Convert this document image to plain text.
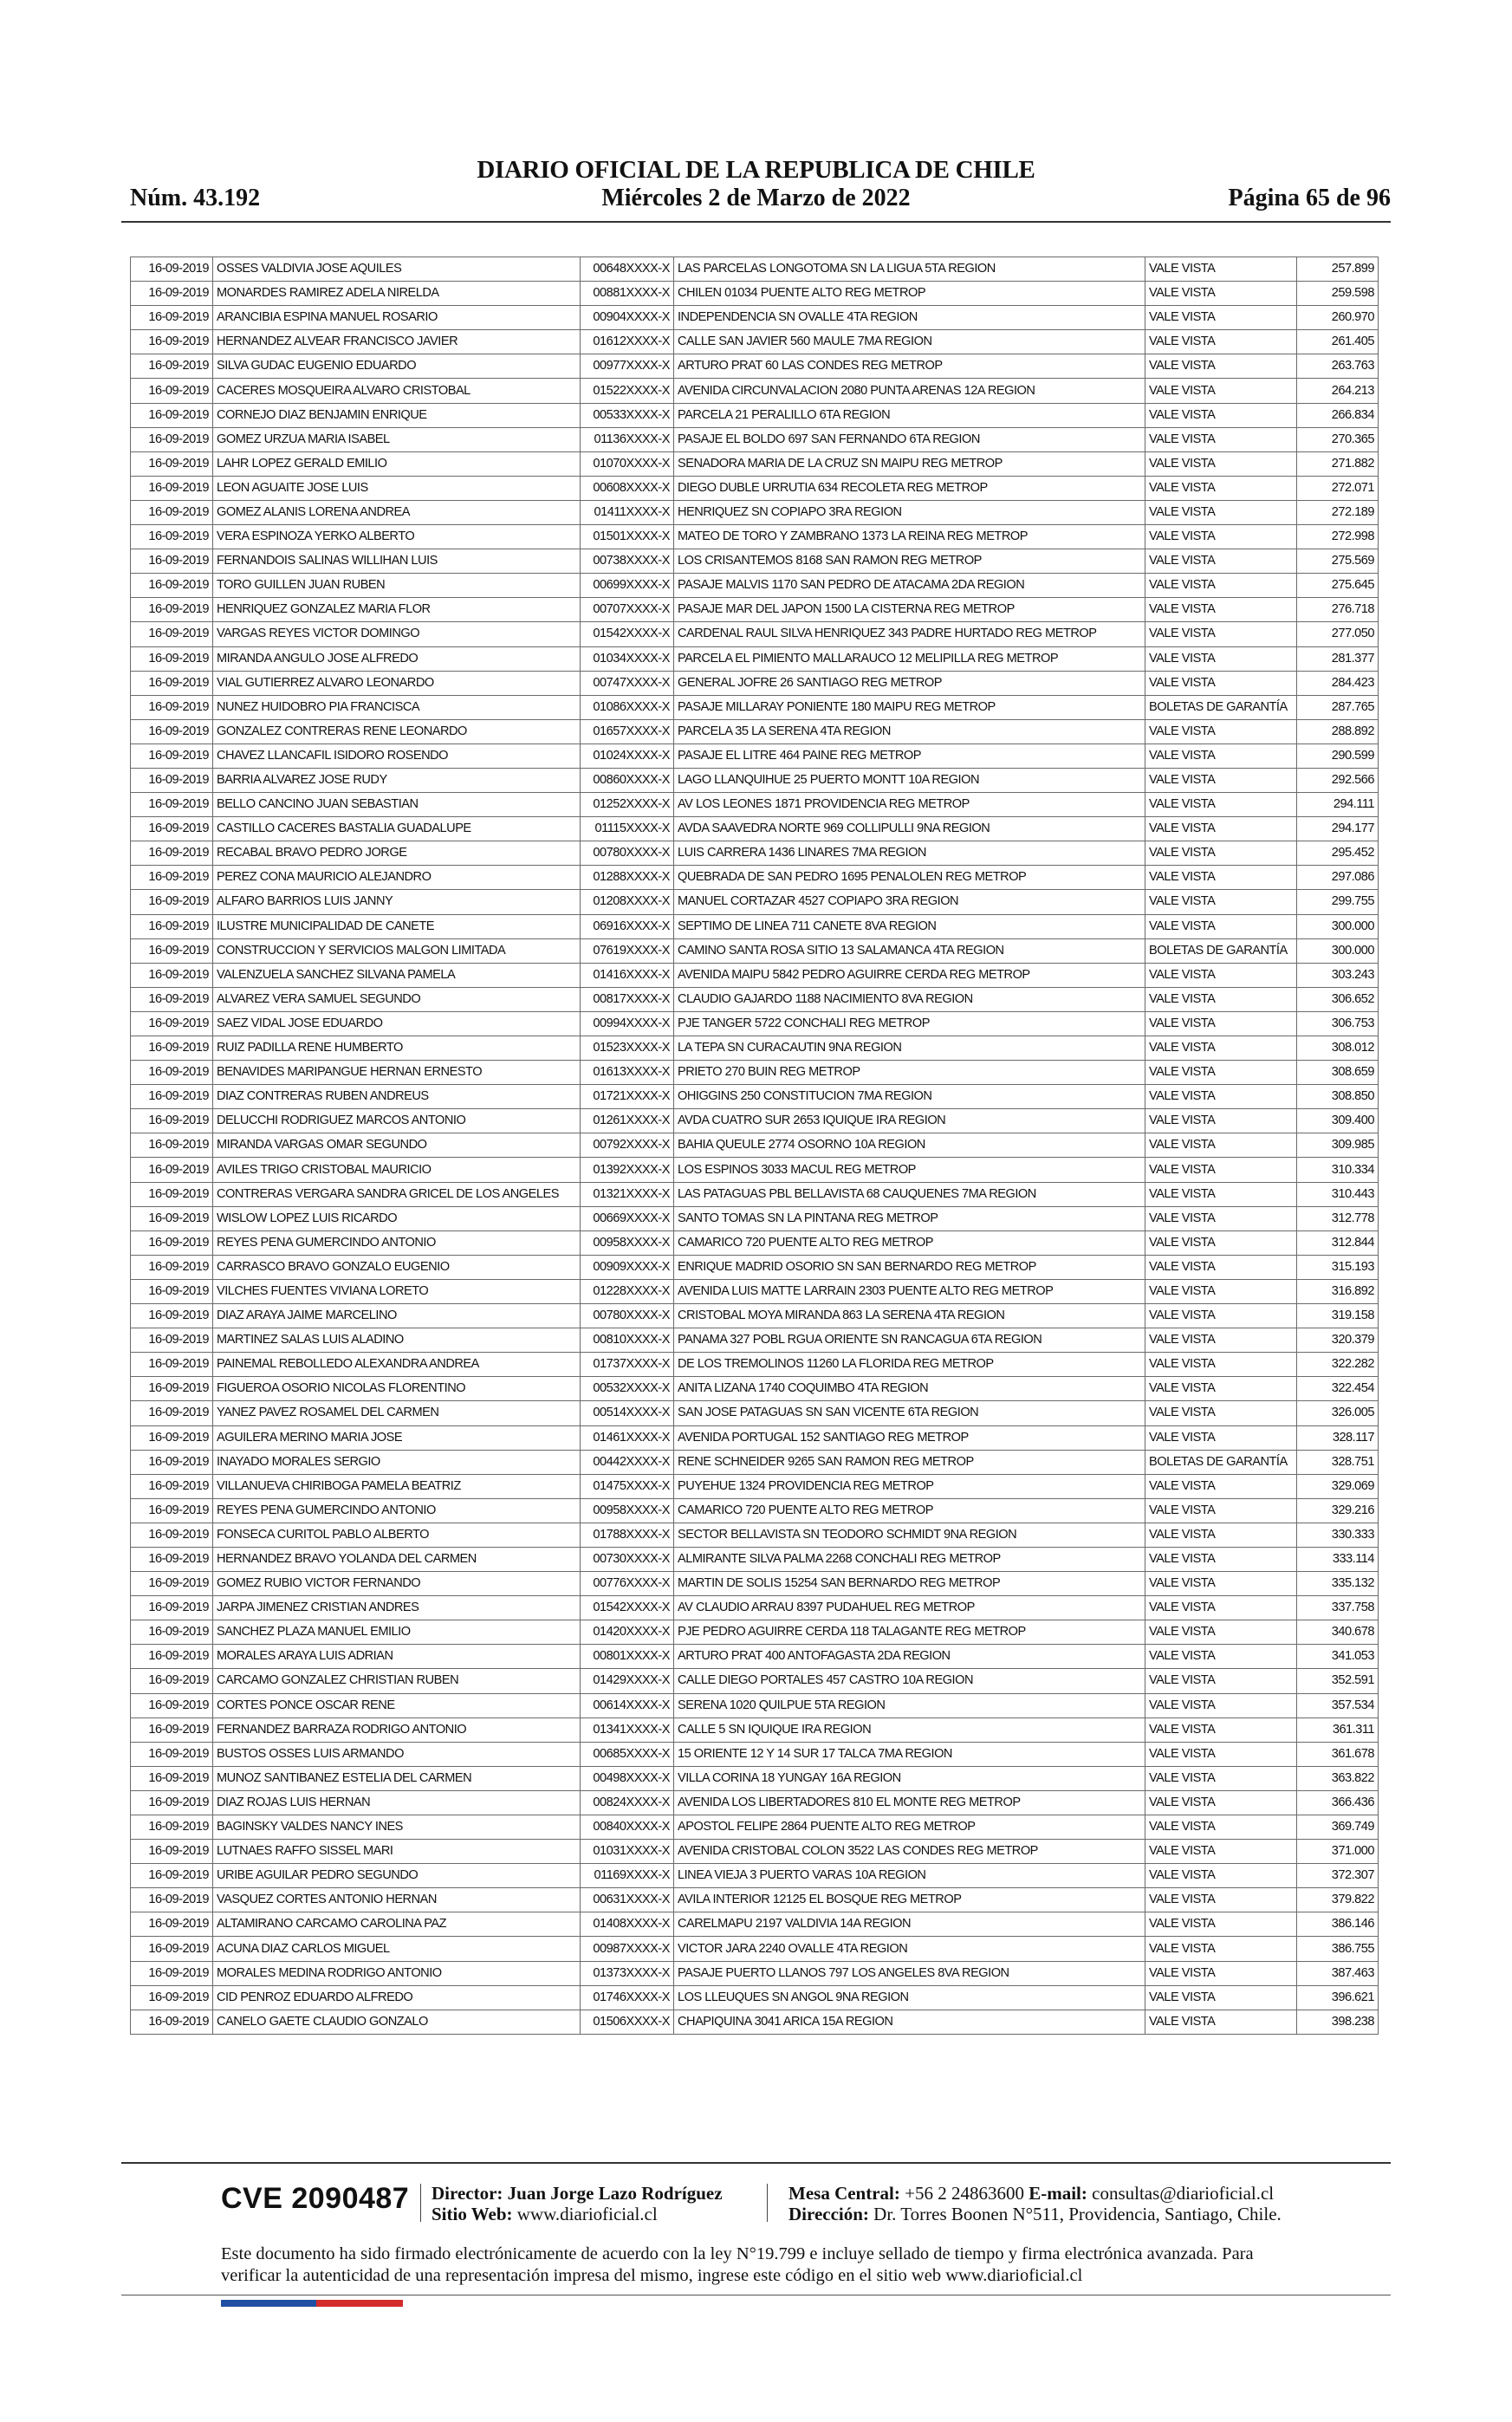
DIARIO OFICIAL DE LA REPUBLICA DE CHILE
Núm. 43.192	Miércoles 2 de Marzo de 2022	Página 65 de 96
16-09-2019	OSSES VALDIVIA JOSE AQUILES	00648XXXX-X	LAS PARCELAS LONGOTOMA SN LA LIGUA 5TA REGION	VALE VISTA	257.899
16-09-2019	MONARDES RAMIREZ ADELA NIRELDA	00881XXXX-X	CHILEN 01034 PUENTE ALTO REG METROP	VALE VISTA	259.598
16-09-2019	ARANCIBIA ESPINA MANUEL ROSARIO	00904XXXX-X	INDEPENDENCIA SN OVALLE 4TA REGION	VALE VISTA	260.970
16-09-2019	HERNANDEZ ALVEAR FRANCISCO JAVIER	01612XXXX-X	CALLE SAN JAVIER 560 MAULE 7MA REGION	VALE VISTA	261.405
16-09-2019	SILVA GUDAC EUGENIO EDUARDO	00977XXXX-X	ARTURO PRAT 60 LAS CONDES REG METROP	VALE VISTA	263.763
16-09-2019	CACERES MOSQUEIRA ALVARO CRISTOBAL	01522XXXX-X	AVENIDA CIRCUNVALACION 2080 PUNTA ARENAS 12A REGION	VALE VISTA	264.213
16-09-2019	CORNEJO DIAZ BENJAMIN ENRIQUE	00533XXXX-X	PARCELA 21 PERALILLO 6TA REGION	VALE VISTA	266.834
16-09-2019	GOMEZ URZUA MARIA ISABEL	01136XXXX-X	PASAJE EL BOLDO 697 SAN FERNANDO 6TA REGION	VALE VISTA	270.365
16-09-2019	LAHR LOPEZ GERALD EMILIO	01070XXXX-X	SENADORA MARIA DE LA CRUZ SN MAIPU REG METROP	VALE VISTA	271.882
16-09-2019	LEON AGUAITE JOSE LUIS	00608XXXX-X	DIEGO DUBLE URRUTIA 634 RECOLETA REG METROP	VALE VISTA	272.071
16-09-2019	GOMEZ ALANIS LORENA ANDREA	01411XXXX-X	HENRIQUEZ SN COPIAPO 3RA REGION	VALE VISTA	272.189
16-09-2019	VERA ESPINOZA YERKO ALBERTO	01501XXXX-X	MATEO DE TORO Y ZAMBRANO 1373 LA REINA REG METROP	VALE VISTA	272.998
16-09-2019	FERNANDOIS SALINAS WILLIHAN LUIS	00738XXXX-X	LOS CRISANTEMOS 8168 SAN RAMON REG METROP	VALE VISTA	275.569
16-09-2019	TORO GUILLEN JUAN RUBEN	00699XXXX-X	PASAJE MALVIS 1170 SAN PEDRO DE ATACAMA 2DA REGION	VALE VISTA	275.645
16-09-2019	HENRIQUEZ GONZALEZ MARIA FLOR	00707XXXX-X	PASAJE MAR DEL JAPON 1500 LA CISTERNA REG METROP	VALE VISTA	276.718
16-09-2019	VARGAS REYES VICTOR DOMINGO	01542XXXX-X	CARDENAL RAUL SILVA HENRIQUEZ 343 PADRE HURTADO REG METROP	VALE VISTA	277.050
16-09-2019	MIRANDA ANGULO JOSE ALFREDO	01034XXXX-X	PARCELA EL PIMIENTO MALLARAUCO 12 MELIPILLA REG METROP	VALE VISTA	281.377
16-09-2019	VIAL GUTIERREZ ALVARO LEONARDO	00747XXXX-X	GENERAL JOFRE 26 SANTIAGO REG METROP	VALE VISTA	284.423
16-09-2019	NUNEZ HUIDOBRO PIA FRANCISCA	01086XXXX-X	PASAJE MILLARAY PONIENTE 180 MAIPU REG METROP	BOLETAS DE GARANTÍA	287.765
16-09-2019	GONZALEZ CONTRERAS RENE LEONARDO	01657XXXX-X	PARCELA 35 LA SERENA 4TA REGION	VALE VISTA	288.892
16-09-2019	CHAVEZ LLANCAFIL ISIDORO ROSENDO	01024XXXX-X	PASAJE EL LITRE 464 PAINE REG METROP	VALE VISTA	290.599
16-09-2019	BARRIA ALVAREZ JOSE RUDY	00860XXXX-X	LAGO LLANQUIHUE 25 PUERTO MONTT 10A REGION	VALE VISTA	292.566
16-09-2019	BELLO CANCINO JUAN SEBASTIAN	01252XXXX-X	AV LOS LEONES 1871 PROVIDENCIA REG METROP	VALE VISTA	294.111
16-09-2019	CASTILLO CACERES BASTALIA GUADALUPE	01115XXXX-X	AVDA SAAVEDRA NORTE 969 COLLIPULLI 9NA REGION	VALE VISTA	294.177
16-09-2019	RECABAL BRAVO PEDRO JORGE	00780XXXX-X	LUIS CARRERA 1436 LINARES 7MA REGION	VALE VISTA	295.452
16-09-2019	PEREZ CONA MAURICIO ALEJANDRO	01288XXXX-X	QUEBRADA DE SAN PEDRO 1695 PENALOLEN REG METROP	VALE VISTA	297.086
16-09-2019	ALFARO BARRIOS LUIS JANNY	01208XXXX-X	MANUEL CORTAZAR 4527 COPIAPO 3RA REGION	VALE VISTA	299.755
16-09-2019	ILUSTRE MUNICIPALIDAD DE CANETE	06916XXXX-X	SEPTIMO DE LINEA 711 CANETE 8VA REGION	VALE VISTA	300.000
16-09-2019	CONSTRUCCION Y SERVICIOS MALGON LIMITADA	07619XXXX-X	CAMINO SANTA ROSA SITIO 13 SALAMANCA 4TA REGION	BOLETAS DE GARANTÍA	300.000
16-09-2019	VALENZUELA SANCHEZ SILVANA PAMELA	01416XXXX-X	AVENIDA MAIPU 5842 PEDRO AGUIRRE CERDA REG METROP	VALE VISTA	303.243
16-09-2019	ALVAREZ VERA SAMUEL SEGUNDO	00817XXXX-X	CLAUDIO GAJARDO 1188 NACIMIENTO 8VA REGION	VALE VISTA	306.652
16-09-2019	SAEZ VIDAL JOSE EDUARDO	00994XXXX-X	PJE TANGER 5722 CONCHALI REG METROP	VALE VISTA	306.753
16-09-2019	RUIZ PADILLA RENE HUMBERTO	01523XXXX-X	LA TEPA SN CURACAUTIN 9NA REGION	VALE VISTA	308.012
16-09-2019	BENAVIDES MARIPANGUE HERNAN ERNESTO	01613XXXX-X	PRIETO 270 BUIN REG METROP	VALE VISTA	308.659
16-09-2019	DIAZ CONTRERAS RUBEN ANDREUS	01721XXXX-X	OHIGGINS 250 CONSTITUCION 7MA REGION	VALE VISTA	308.850
16-09-2019	DELUCCHI RODRIGUEZ MARCOS ANTONIO	01261XXXX-X	AVDA CUATRO SUR 2653 IQUIQUE IRA REGION	VALE VISTA	309.400
16-09-2019	MIRANDA VARGAS OMAR SEGUNDO	00792XXXX-X	BAHIA QUEULE 2774 OSORNO 10A REGION	VALE VISTA	309.985
16-09-2019	AVILES TRIGO CRISTOBAL MAURICIO	01392XXXX-X	LOS ESPINOS 3033 MACUL REG METROP	VALE VISTA	310.334
16-09-2019	CONTRERAS VERGARA SANDRA GRICEL DE LOS ANGELES	01321XXXX-X	LAS PATAGUAS PBL BELLAVISTA 68 CAUQUENES 7MA REGION	VALE VISTA	310.443
16-09-2019	WISLOW LOPEZ LUIS RICARDO	00669XXXX-X	SANTO TOMAS SN LA PINTANA REG METROP	VALE VISTA	312.778
16-09-2019	REYES PENA GUMERCINDO ANTONIO	00958XXXX-X	CAMARICO 720 PUENTE ALTO REG METROP	VALE VISTA	312.844
16-09-2019	CARRASCO BRAVO GONZALO EUGENIO	00909XXXX-X	ENRIQUE MADRID OSORIO SN SAN BERNARDO REG METROP	VALE VISTA	315.193
16-09-2019	VILCHES FUENTES VIVIANA LORETO	01228XXXX-X	AVENIDA LUIS MATTE LARRAIN 2303 PUENTE ALTO REG METROP	VALE VISTA	316.892
16-09-2019	DIAZ ARAYA JAIME MARCELINO	00780XXXX-X	CRISTOBAL MOYA MIRANDA 863 LA SERENA 4TA REGION	VALE VISTA	319.158
16-09-2019	MARTINEZ SALAS LUIS ALADINO	00810XXXX-X	PANAMA 327 POBL RGUA ORIENTE SN RANCAGUA 6TA REGION	VALE VISTA	320.379
16-09-2019	PAINEMAL REBOLLEDO ALEXANDRA ANDREA	01737XXXX-X	DE LOS TREMOLINOS 11260 LA FLORIDA REG METROP	VALE VISTA	322.282
16-09-2019	FIGUEROA OSORIO NICOLAS FLORENTINO	00532XXXX-X	ANITA LIZANA 1740 COQUIMBO 4TA REGION	VALE VISTA	322.454
16-09-2019	YANEZ PAVEZ ROSAMEL DEL CARMEN	00514XXXX-X	SAN JOSE PATAGUAS SN SAN VICENTE 6TA REGION	VALE VISTA	326.005
16-09-2019	AGUILERA MERINO MARIA JOSE	01461XXXX-X	AVENIDA PORTUGAL 152 SANTIAGO REG METROP	VALE VISTA	328.117
16-09-2019	INAYADO MORALES SERGIO	00442XXXX-X	RENE SCHNEIDER 9265 SAN RAMON REG METROP	BOLETAS DE GARANTÍA	328.751
16-09-2019	VILLANUEVA CHIRIBOGA PAMELA BEATRIZ	01475XXXX-X	PUYEHUE 1324 PROVIDENCIA REG METROP	VALE VISTA	329.069
16-09-2019	REYES PENA GUMERCINDO ANTONIO	00958XXXX-X	CAMARICO 720 PUENTE ALTO REG METROP	VALE VISTA	329.216
16-09-2019	FONSECA CURITOL PABLO ALBERTO	01788XXXX-X	SECTOR BELLAVISTA SN TEODORO SCHMIDT 9NA REGION	VALE VISTA	330.333
16-09-2019	HERNANDEZ BRAVO YOLANDA DEL CARMEN	00730XXXX-X	ALMIRANTE SILVA PALMA 2268 CONCHALI REG METROP	VALE VISTA	333.114
16-09-2019	GOMEZ RUBIO VICTOR FERNANDO	00776XXXX-X	MARTIN DE SOLIS 15254 SAN BERNARDO REG METROP	VALE VISTA	335.132
16-09-2019	JARPA JIMENEZ CRISTIAN ANDRES	01542XXXX-X	AV CLAUDIO ARRAU 8397 PUDAHUEL REG METROP	VALE VISTA	337.758
16-09-2019	SANCHEZ PLAZA MANUEL EMILIO	01420XXXX-X	PJE PEDRO AGUIRRE CERDA 118 TALAGANTE REG METROP	VALE VISTA	340.678
16-09-2019	MORALES ARAYA LUIS ADRIAN	00801XXXX-X	ARTURO PRAT 400 ANTOFAGASTA 2DA REGION	VALE VISTA	341.053
16-09-2019	CARCAMO GONZALEZ CHRISTIAN RUBEN	01429XXXX-X	CALLE DIEGO PORTALES 457 CASTRO 10A REGION	VALE VISTA	352.591
16-09-2019	CORTES PONCE OSCAR RENE	00614XXXX-X	SERENA 1020 QUILPUE 5TA REGION	VALE VISTA	357.534
16-09-2019	FERNANDEZ BARRAZA RODRIGO ANTONIO	01341XXXX-X	CALLE 5 SN IQUIQUE IRA REGION	VALE VISTA	361.311
16-09-2019	BUSTOS OSSES LUIS ARMANDO	00685XXXX-X	15 ORIENTE 12 Y 14 SUR 17 TALCA 7MA REGION	VALE VISTA	361.678
16-09-2019	MUNOZ SANTIBANEZ ESTELIA DEL CARMEN	00498XXXX-X	VILLA CORINA 18 YUNGAY 16A REGION	VALE VISTA	363.822
16-09-2019	DIAZ ROJAS LUIS HERNAN	00824XXXX-X	AVENIDA LOS LIBERTADORES 810 EL MONTE REG METROP	VALE VISTA	366.436
16-09-2019	BAGINSKY VALDES NANCY INES	00840XXXX-X	APOSTOL FELIPE 2864 PUENTE ALTO REG METROP	VALE VISTA	369.749
16-09-2019	LUTNAES RAFFO SISSEL MARI	01031XXXX-X	AVENIDA CRISTOBAL COLON 3522 LAS CONDES REG METROP	VALE VISTA	371.000
16-09-2019	URIBE AGUILAR PEDRO SEGUNDO	01169XXXX-X	LINEA VIEJA 3 PUERTO VARAS 10A REGION	VALE VISTA	372.307
16-09-2019	VASQUEZ CORTES ANTONIO HERNAN	00631XXXX-X	AVILA INTERIOR 12125 EL BOSQUE REG METROP	VALE VISTA	379.822
16-09-2019	ALTAMIRANO CARCAMO CAROLINA PAZ	01408XXXX-X	CARELMAPU 2197 VALDIVIA 14A REGION	VALE VISTA	386.146
16-09-2019	ACUNA DIAZ CARLOS MIGUEL	00987XXXX-X	VICTOR JARA 2240 OVALLE 4TA REGION	VALE VISTA	386.755
16-09-2019	MORALES MEDINA RODRIGO ANTONIO	01373XXXX-X	PASAJE PUERTO LLANOS 797 LOS ANGELES 8VA REGION	VALE VISTA	387.463
16-09-2019	CID PENROZ EDUARDO ALFREDO	01746XXXX-X	LOS LLEUQUES SN ANGOL 9NA REGION	VALE VISTA	396.621
16-09-2019	CANELO GAETE CLAUDIO GONZALO	01506XXXX-X	CHAPIQUINA 3041 ARICA 15A REGION	VALE VISTA	398.238
CVE 2090487 Director: Juan Jorge Lazo Rodríguez
Sitio Web: www.diarioficial.cl
Mesa Central: +56 2 24863600 E-mail: consultas@diarioficial.cl
Dirección: Dr. Torres Boonen N°511, Providencia, Santiago, Chile.
Este documento ha sido firmado electrónicamente de acuerdo con la ley N°19.799 e incluye sellado de tiempo y firma electrónica avanzada. Para verificar la autenticidad de una representación impresa del mismo, ingrese este código en el sitio web www.diarioficial.cl
